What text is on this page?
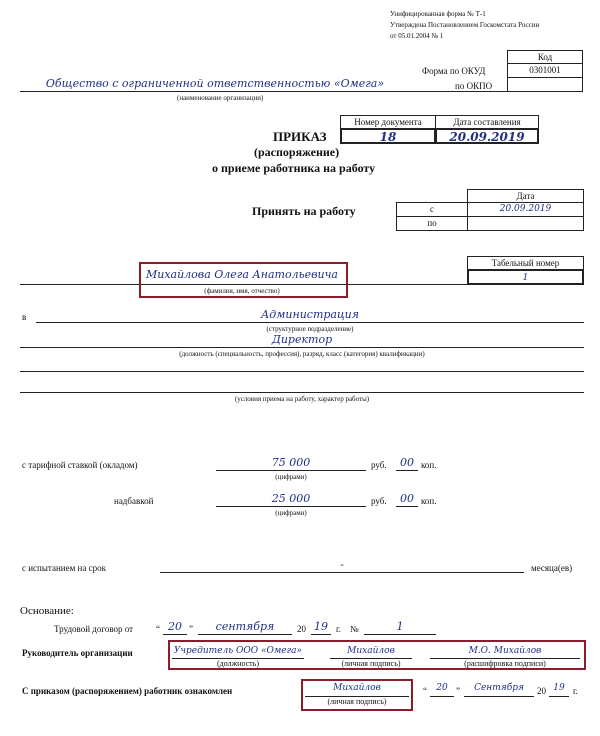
Унифицированная форма № Т-1
Утверждена Постановлением Госкомстата России
от 05.01.2004 № 1
Код
0301001
Форма по ОКУД
по ОКПО
Общество с ограниченной ответственностью «Омега»
(наименование организации)
Номер документа	Дата составления
18	20.09.2019
ПРИКАЗ
(распоряжение)
о приеме работника на работу
Принять на работу
Дата
с	20.09.2019
по
Табельный номер
1
Михайлова Олега Анатольевича
(фамилия, имя, отчество)
в	Администрация
(структурное подразделение)
Директор
(должность (специальность, профессия), разряд, класс (категория) квалификации)
(условия приема на работу, характер работы)
с тарифной ставкой (окладом)	75 000
(цифрами)
руб.	00 коп.
надбавкой	25 000
(цифрами)
руб.	00 коп.
с испытанием на срок	-	месяца(ев)
Основание:
Трудовой договор от	“ 20 ”	сентября	20 19 г. №	1
Руководитель организации	Учредитель ООО «Омега»
(должность)
Михайлов
(личная подпись)
М.О. Михайлов
(расшифровка подписи)
С приказом (распоряжением) работник ознакомлен	Михайлов
(личная подпись)
“	20 ”	Сентября	20 19 г.
